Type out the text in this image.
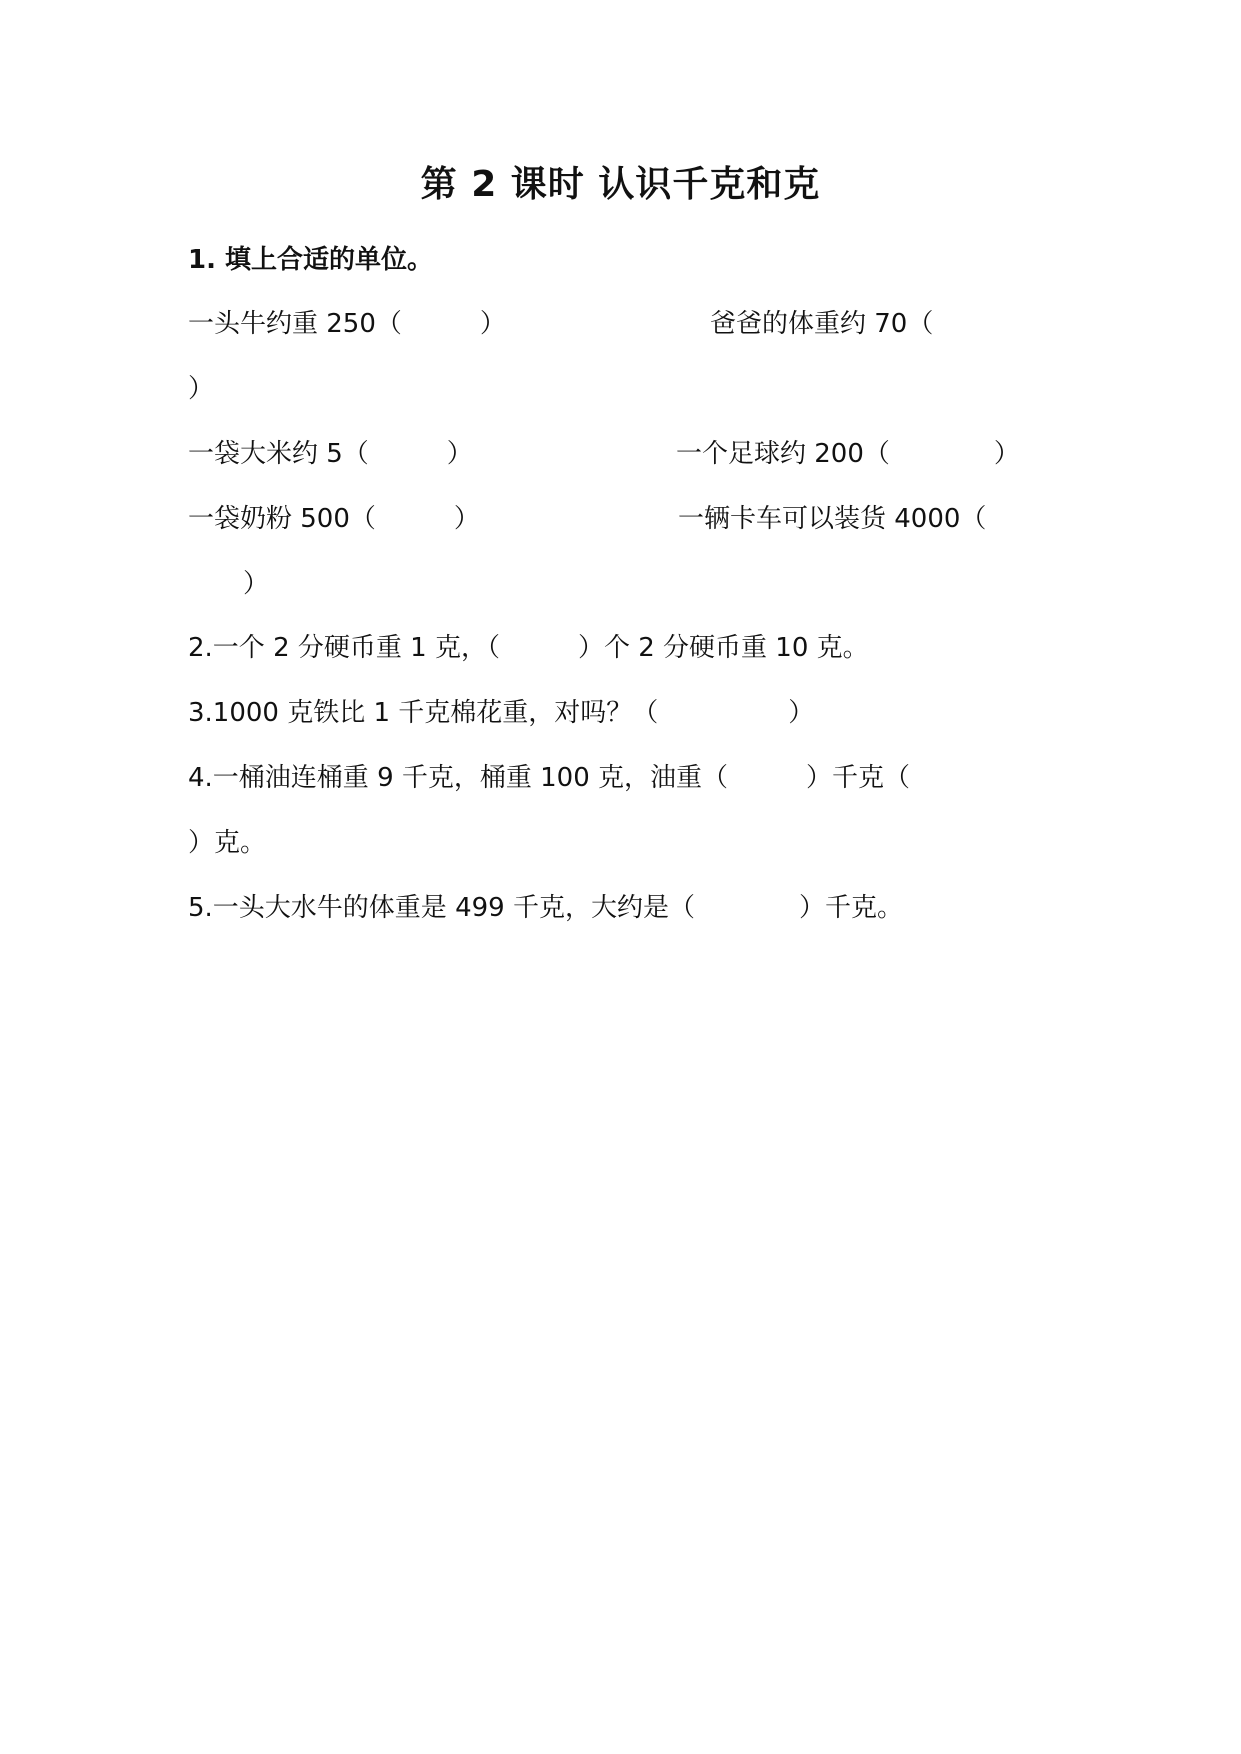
第 2 课时 认识千克和克
1. 填上合适的单位。
一头牛约重 250（　　　）	爸爸的体重约 70（
）
一袋大米约 5（　　　）	一个足球约 200（　　　　）
一袋奶粉 500（　　　）	一辆卡车可以装货 4000（
）
2.一个 2 分硬币重 1 克，（　　　）个 2 分硬币重 10 克。
3.1000 克铁比 1 千克棉花重，对吗？（　　　　　）
4.一桶油连桶重 9 千克，桶重 100 克，油重（　　　）千克（
）克。
5.一头大水牛的体重是 499 千克，大约是（　　　　）千克。
